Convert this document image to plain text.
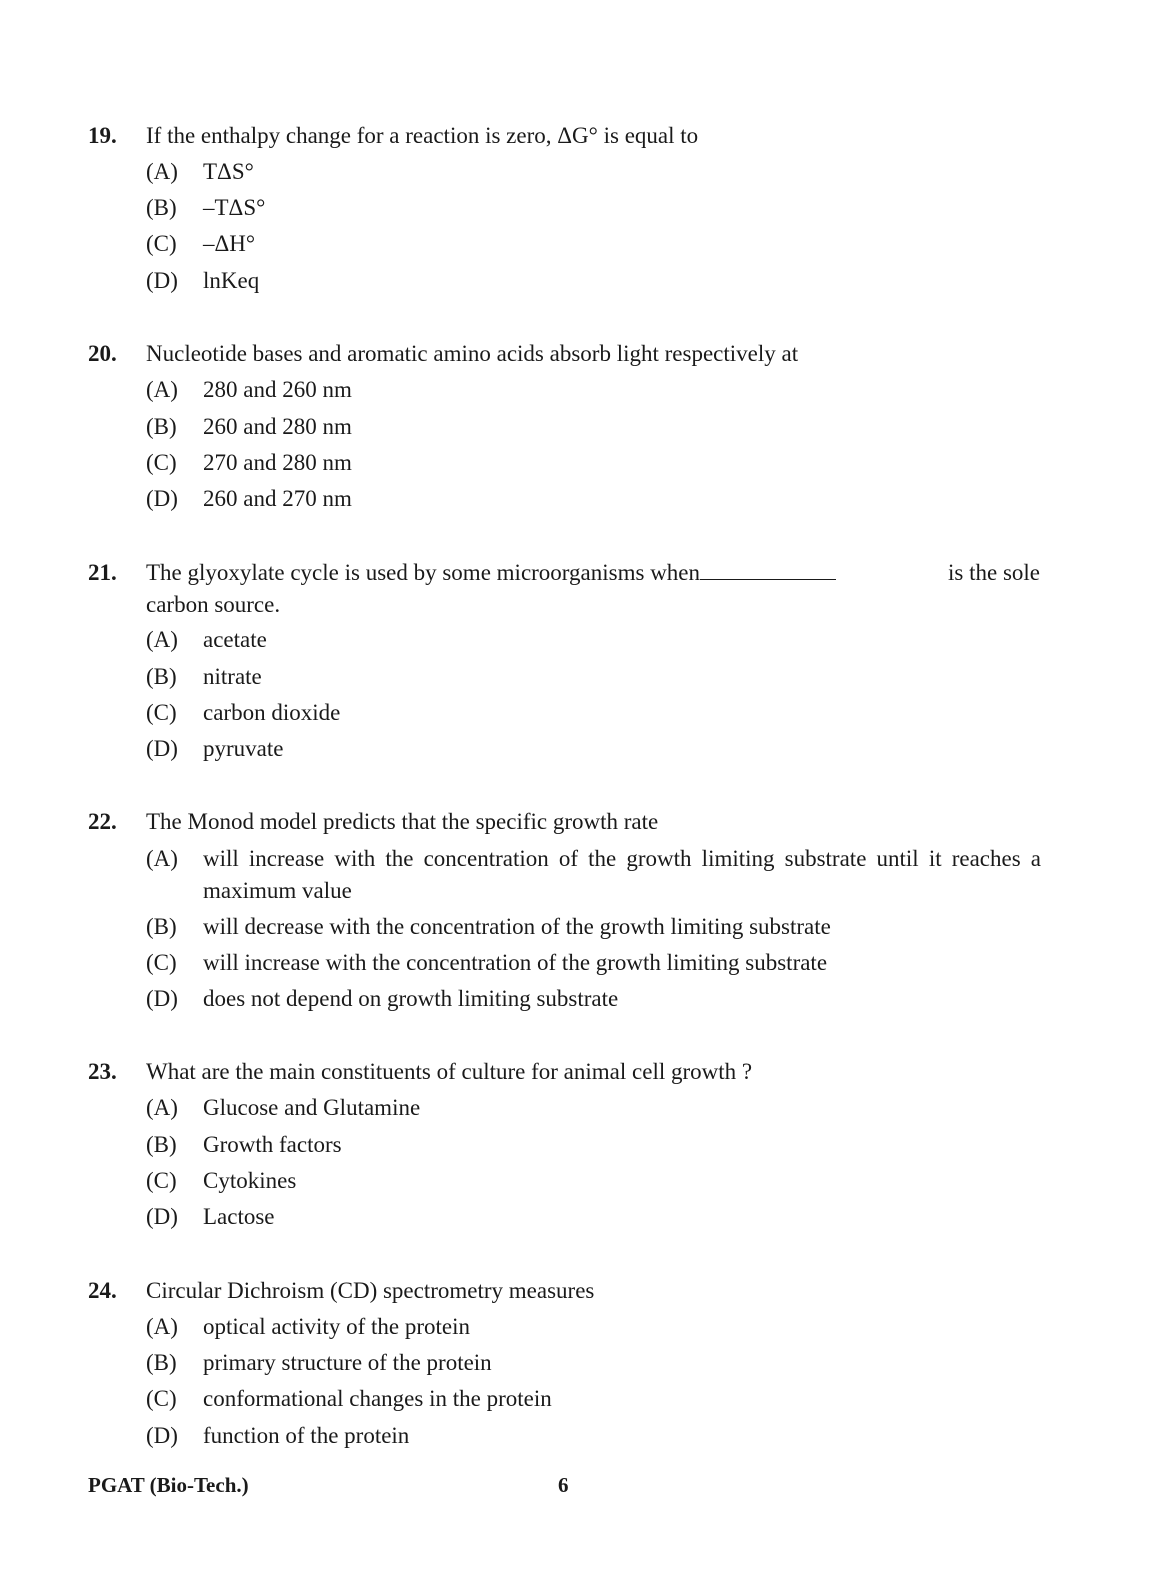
19. If the enthalpy change for a reaction is zero, ΔG° is equal to
(A) TΔS°
(B) –TΔS°
(C) –ΔH°
(D) lnKeq
20. Nucleotide bases and aromatic amino acids absorb light respectively at
(A) 280 and 260 nm
(B) 260 and 280 nm
(C) 270 and 280 nm
(D) 260 and 270 nm
21. The glyoxylate cycle is used by some microorganisms when	is the sole
carbon source.
(A) acetate
(B) nitrate
(C) carbon dioxide
(D) pyruvate
22. The Monod model predicts that the specific growth rate
(A) will increase with the concentration of the growth limiting substrate until it reaches a maximum value
(B) will decrease with the concentration of the growth limiting substrate
(C) will increase with the concentration of the growth limiting substrate
(D) does not depend on growth limiting substrate
23. What are the main constituents of culture for animal cell growth ?
(A) Glucose and Glutamine
(B) Growth factors
(C) Cytokines
(D) Lactose
24. Circular Dichroism (CD) spectrometry measures
(A) optical activity of the protein
(B) primary structure of the protein
(C) conformational changes in the protein
(D) function of the protein
PGAT (Bio-Tech.)	6
